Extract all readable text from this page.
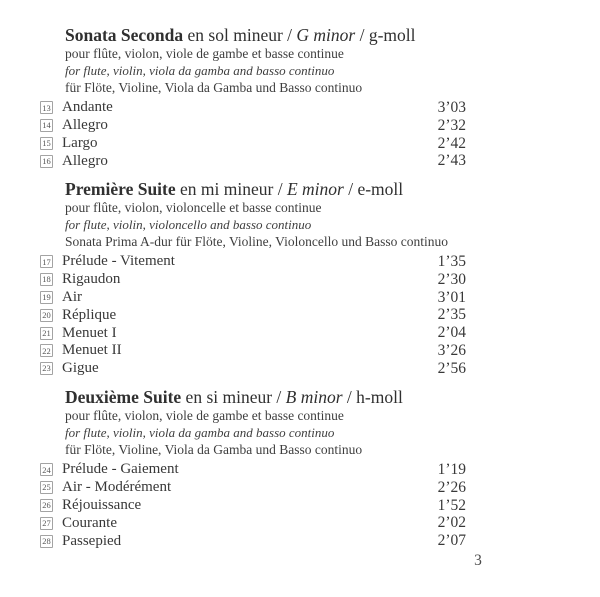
Sonata Seconda en sol mineur / G minor / g-moll
pour flûte, violon, viole de gambe et basse continue
for flute, violin, viola da gamba and basso continuo
für Flöte, Violine, Viola da Gamba und Basso continuo
13 Andante	3’03
14 Allegro	2’32
15 Largo	2’42
16 Allegro	2’43
Première Suite en mi mineur / E minor / e-moll
pour flûte, violon, violoncelle et basse continue
for flute, violin, violoncello and basso continuo
Sonata Prima A-dur für Flöte, Violine, Violoncello und Basso continuo
17 Prélude - Vitement	1’35
18 Rigaudon	2’30
19 Air	3’01
20 Réplique	2’35
21 Menuet I	2’04
22 Menuet II	3’26
23 Gigue	2’56
Deuxième Suite en si mineur / B minor / h-moll
pour flûte, violon, viole de gambe et basse continue
for flute, violin, viola da gamba and basso continuo
für Flöte, Violine, Viola da Gamba und Basso continuo
24 Prélude - Gaiement	1’19
25 Air - Modérément	2’26
26 Réjouissance	1’52
27 Courante	2’02
28 Passepied	2’07
3
